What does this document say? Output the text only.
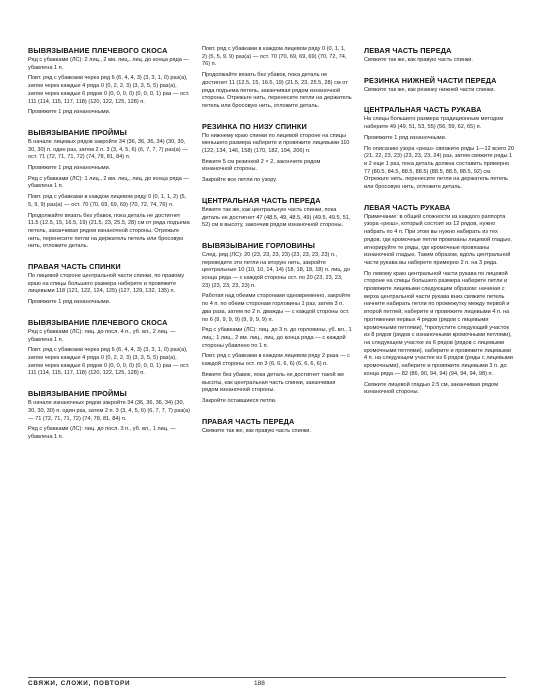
ВЫВЯЗЫВАНИЕ ПЛЕЧЕВОГО СКОСА

Ряд с убавками (ЛС): 2 лиц., 2 вм. лиц., лиц. до конца ряда — убавлена 1 п.

Повт. ряд с убавками через ряд 6 (6, 4, 4, 3) (3, 3, 1, 0) раз(а), затем через каждые 4 ряда 0 (0, 2, 2, 3) (3, 3, 5, 5) раз(а), затем через каждые 6 рядов 0 (0, 0, 0, 0) (0, 0, 0, 1) раз — ост. 111 (114, 115, 117, 118) (120, 122, 125, 128) п.

Провяжите 1 ряд изнаночными.

ВЫВЯЗЫВАНИЕ ПРОЙМЫ

В начале лицевых рядов закройте 34 (36, 36, 36, 34) (30, 30, 30, 30) п. один раз, затем 2 п. 3 (3, 4, 5, 6) (6, 7, 7, 7) раз(а) — ост. 71 (72, 71, 71, 72) (74, 78, 81, 84) п.

Провяжите 1 ряд изнаночными.

Ряд с убавками (ЛС): 1 лиц., 2 вм. лиц., лиц. до конца ряда — убавлена 1 п.

Повт. ряд с убавками в каждом лицевом ряду 0 (0, 1, 1, 2) (5, 5, 9, 9) раз(а) — ост. 70 (70, 69, 69, 69) (70, 72, 74, 76) п.

Продолжайте вязать без убавок, пока деталь не достигнет 11.5 (12.5, 15, 16.5, 19) (21.5, 23, 25.5, 28) см от ряда подъема петель, заканчивая рядом изнаночной стороны. Отрежьте нить, перенесите петли на держатель петель или бросовую нить, отложите деталь.

ПРАВАЯ ЧАСТЬ СПИНКИ

По лицевой стороне центральной части спинки, по правому краю на спицы большего размера наберите и провяжите лицевыми 118 (121, 122, 124, 125) (127, 129, 132, 135) п.

Провяжите 1 ряд изнаночными.

ВЫВЯЗЫВАНИЕ ПЛЕЧЕВОГО СКОСА

Ряд с убавками (ЛС): лиц. до посл. 4 п., уб. вл., 2 лиц. — убавлена 1 п.

Повт. ряд с убавками через ряд 6 (6, 4, 4, 3) (3, 3, 1, 0) раз(а), затем через каждые 4 ряда 0 (0, 2, 2, 3) (3, 3, 5, 5) раз(а), затем через каждые 6 рядов 0 (0, 0, 0, 0) (0, 0, 0, 1) раз — ост. 111 (114, 115, 117, 118) (120, 122, 125, 128) п.

ВЫВЯЗЫВАНИЕ ПРОЙМЫ

В начале изнаночных рядов закройте 34 (36, 36, 36, 34) (30, 30, 30, 30) п. один раз, затем 2 п. 3 (3, 4, 5, 6) (6, 7, 7, 7) раз(а) — 71 (72, 71, 71, 72) (74, 78, 81, 84) п.

Ряд с убавками (ЛС): лиц. до посл. 3 п., уб. вл., 1 лиц. — убавлена 1 п.

Повт. ряд с убавками в каждом лицевом ряду 0 (0, 1, 1, 2) (5, 5, 9, 9) раз(а) — ост. 70 (70, 69, 69, 69) (70, 72, 74, 76) п.

Продолжайте вязать без убавок, пока деталь не достигнет 11 (12.5, 15, 16.5, 19) (21.5, 23, 25.5, 28) см от ряда подъема петель, заканчивая рядом изнаночной стороны. Отрежьте нить, перенесите петли на держатель петель или бросовую нить, отложите деталь.

РЕЗИНКА ПО НИЗУ СПИНКИ

По нижнему краю спинки по лицевой стороне на спицы меньшего размера наберите и провяжите лицевыми 110 (122, 134, 146, 158) (170, 182, 194, 206) п.

Вяжите 5 см резинкой 2 × 2, закончите рядом изнаночной стороны.

Закройте все петли по узору.

ЦЕНТРАЛЬНАЯ ЧАСТЬ ПЕРЕДА

Вяжите так же, как центральную часть спинки, пока деталь не достигнет 47 (48.5, 49, 48.5, 49) (49.5, 49.5, 51, 52) см в высоту, закончив рядом изнаночной стороны.

ВЫВЯЗЫВАНИЕ ГОРЛОВИНЫ

След. ряд (ЛС): 20 (23, 23, 23, 23) (23, 23, 23, 23) п., переведите эти петли на вторую нить, закройте центральные 10 (10, 10, 14, 14) (18, 18, 18, 18) п. лиц. до конца ряда — с каждой стороны ост. по 20 (23, 23, 23, 23) (23, 23, 23, 23) п.

Работая над обеими сторонами одновременно, закройте по 4 п. по обеим сторонам горловины 1 раз, затем 3 п. два раза, затем по 2 п. дважды — с каждой стороны ост. по 6 (9, 9, 9, 9) (9, 9, 9, 9) п.

Ряд с убавками (ЛС): лиц. до 3 п. до горловины, уб. вл., 1 лиц.; 1 лиц., 2 вм. лиц., лиц. до конца ряда — с каждой стороны убавлено по 1 п.

Повт. ряд с убавками в каждом лицевом ряду 2 раза — с каждой стороны ост. по 3 (6, 6, 6, 6) (6, 6, 6, 6) п.

Вяжите без убавок, пока деталь не достигнет такой же высоты, как центральная часть спинки, заканчивая рядом изнаночной стороны.

Закройте оставшиеся петли.

ПРАВАЯ ЧАСТЬ ПЕРЕДА

Свяжите так же, как правую часть спинки.

ЛЕВАЯ ЧАСТЬ ПЕРЕДА

Свяжите так же, как правую часть спинки.

РЕЗИНКА НИЖНЕЙ ЧАСТИ ПЕРЕДА

Свяжите так же, как резинку нижней части спинки.

ЦЕНТРАЛЬНАЯ ЧАСТЬ РУКАВА

На спицы большего размера традиционным методом наберите 49 (49, 51, 53, 55) (56, 59, 62, 65) п.

Провяжите 1 ряд изнаночными.

По описанию узора «рюш» связжите ряды 1—12 всего 20 (21, 22, 23, 23) (23, 23, 23, 24) раз, затем свяжите ряды 1 и 2 еще 1 раз, пока деталь должна составить примерно 77 (80.5, 84.5, 88.5, 88.5) (88.5, 88.5, 88.5, 92) см. Отрежьте нить, перенесите петли на держатель петель или бросовую нить, отложите деталь.

ЛЕВАЯ ЧАСТЬ РУКАВА

Примечание: в общей сложности из каждого раппорта узора «рюш», который состоит из 12 рядов, нужно набрать по 4 п. При этом вы нужно набирать из тех рядов, где кромочные петли провязаны лицевой гладью, игнорируйте те ряды, где кромочные провязаны изнаночной гладью. Таким образом, вдоль центральной части рукава вы наберете примерно 2 п. на 3 ряда.

По левому краю центральной части рукава по лицевой стороне на спицы большего размера наберите петли и провяжите лицевыми следующим образом: начиная с верха центральной части рукава вниз свяжите петель начните набирать петли по промежутку между первой и второй петлей, наберите и провяжите лицевыми 4 п. на протяжении первых 4 рядов (рядов с лицевыми кромочными петлями), *пропустите следующий участок из 8 рядов (рядов с изнаночными кромочными петлями), на следующем участке из 6 рядов (рядов с лицевыми кромочными петлями), наберите и провяжите лицевыми 4 п. на следующем участке из 6 рядов (ряды с лицевыми кромочными), наберите и провяжите лицевыми 3 п. до конца ряда — 82 (86, 90, 94, 94) (94, 94, 94, 98) п.

Свяжите лицевой гладью 2.5 см, заканчивая рядом изнаночной стороны.

СВЯЖИ, СЛОЖИ, ПОВТОРИ	188
